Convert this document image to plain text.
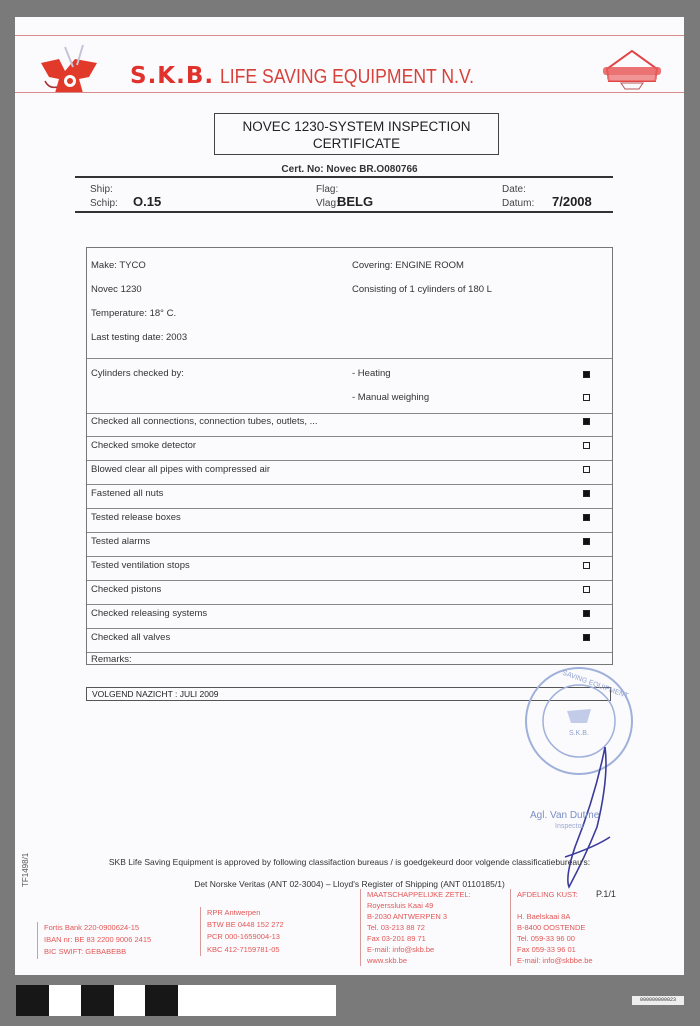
S.K.B. LIFE SAVING EQUIPMENT N.V.
NOVEC 1230-SYSTEM INSPECTION
CERTIFICATE
Cert. No: Novec BR.O080766
Ship:
Schip: O.15
Flag:
Vlag:
BELG
Date:
Datum: 7/2008
Make: TYCO
Novec 1230
Temperature: 18° C.
Last testing date: 2003
Covering: ENGINE ROOM
Consisting of 1 cylinders of 180 L
Cylinders checked by:	- Heating
- Manual weighing
Checked all connections, connection tubes, outlets, ...
Checked smoke detector
Blowed clear all pipes with compressed air
Fastened all nuts
Tested release boxes
Tested alarms
Tested ventilation stops
Checked pistons
Checked releasing systems
Checked all valves
Remarks:
VOLGEND NAZICHT : JULI 2009
S.K.B.
SAVING EQUIPMENT
Agl. Van Dutme
Inspector
SKB Life Saving Equipment is approved by following classifaction bureaus / is goedgekeurd door volgende classificatiebureau's:
Det Norske Veritas (ANT 02-3004) – Lloyd's Register of Shipping (ANT 0110185/1)
TF1498/1
P.1/1
Fortis Bank 220-0900624-15
IBAN nr: BE 83 2200 9006 2415
BIC SWIFT: GEBABEBB
RPR Antwerpen
BTW BE 0448 152 272
PCR 000-1659004-13
KBC 412-7159781-05
MAATSCHAPPELIJKE ZETEL:
Royerssluis Kaai 49
B-2030 ANTWERPEN 3
Tel. 03-213 88 72
Fax 03-201 89 71
E-mail: info@skb.be
www.skb.be
AFDELING KUST:
H. Baelskaai 8A
B-8400 OOSTENDE
Tel. 059-33 96 00
Fax 059-33 96 01
E-mail: info@skbbe.be
000000000023
